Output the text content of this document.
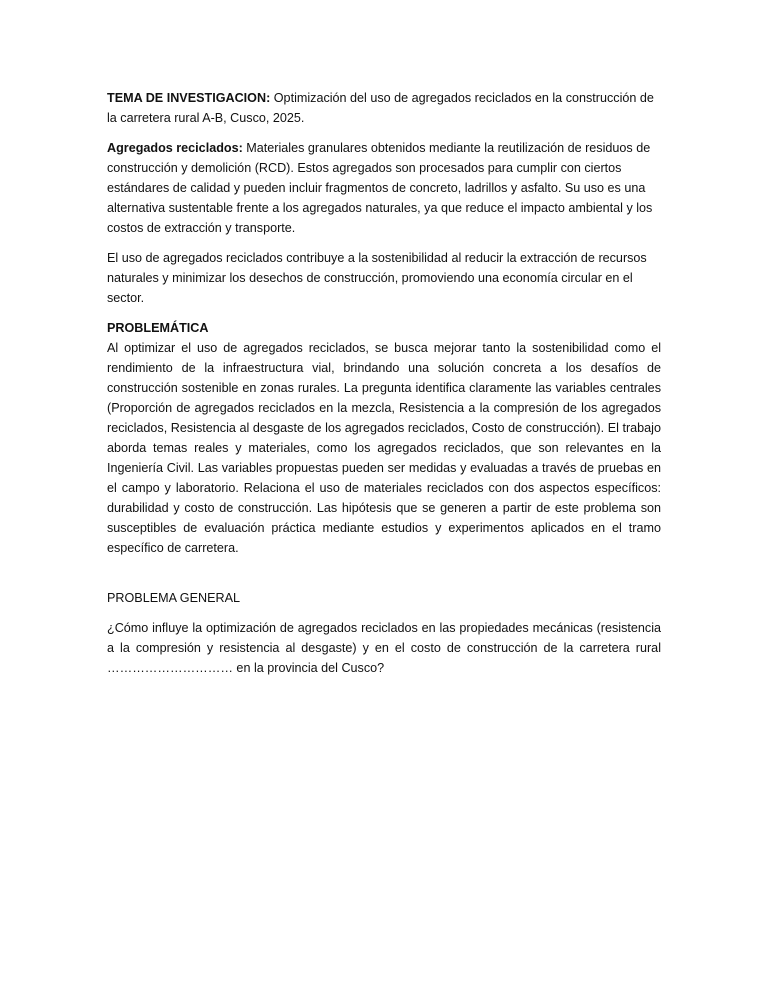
TEMA DE INVESTIGACION: Optimización del uso de agregados reciclados en la construcción de la carretera rural A-B, Cusco, 2025.

Agregados reciclados: Materiales granulares obtenidos mediante la reutilización de residuos de construcción y demolición (RCD). Estos agregados son procesados para cumplir con ciertos estándares de calidad y pueden incluir fragmentos de concreto, ladrillos y asfalto. Su uso es una alternativa sustentable frente a los agregados naturales, ya que reduce el impacto ambiental y los costos de extracción y transporte.

El uso de agregados reciclados contribuye a la sostenibilidad al reducir la extracción de recursos naturales y minimizar los desechos de construcción, promoviendo una economía circular en el sector.

PROBLEMÁTICA

Al optimizar el uso de agregados reciclados, se busca mejorar tanto la sostenibilidad como el rendimiento de la infraestructura vial, brindando una solución concreta a los desafíos de construcción sostenible en zonas rurales. La pregunta identifica claramente las variables centrales (Proporción de agregados reciclados en la mezcla, Resistencia a la compresión de los agregados reciclados, Resistencia al desgaste de los agregados reciclados, Costo de construcción). El trabajo aborda temas reales y materiales, como los agregados reciclados, que son relevantes en la Ingeniería Civil. Las variables propuestas pueden ser medidas y evaluadas a través de pruebas en el campo y laboratorio. Relaciona el uso de materiales reciclados con dos aspectos específicos: durabilidad y costo de construcción. Las hipótesis que se generen a partir de este problema son susceptibles de evaluación práctica mediante estudios y experimentos aplicados en el tramo específico de carretera.

PROBLEMA GENERAL

¿Cómo influye la optimización de agregados reciclados en las propiedades mecánicas (resistencia a la compresión y resistencia al desgaste) y en el costo de construcción de la carretera rural ………………………… en la provincia del Cusco?
